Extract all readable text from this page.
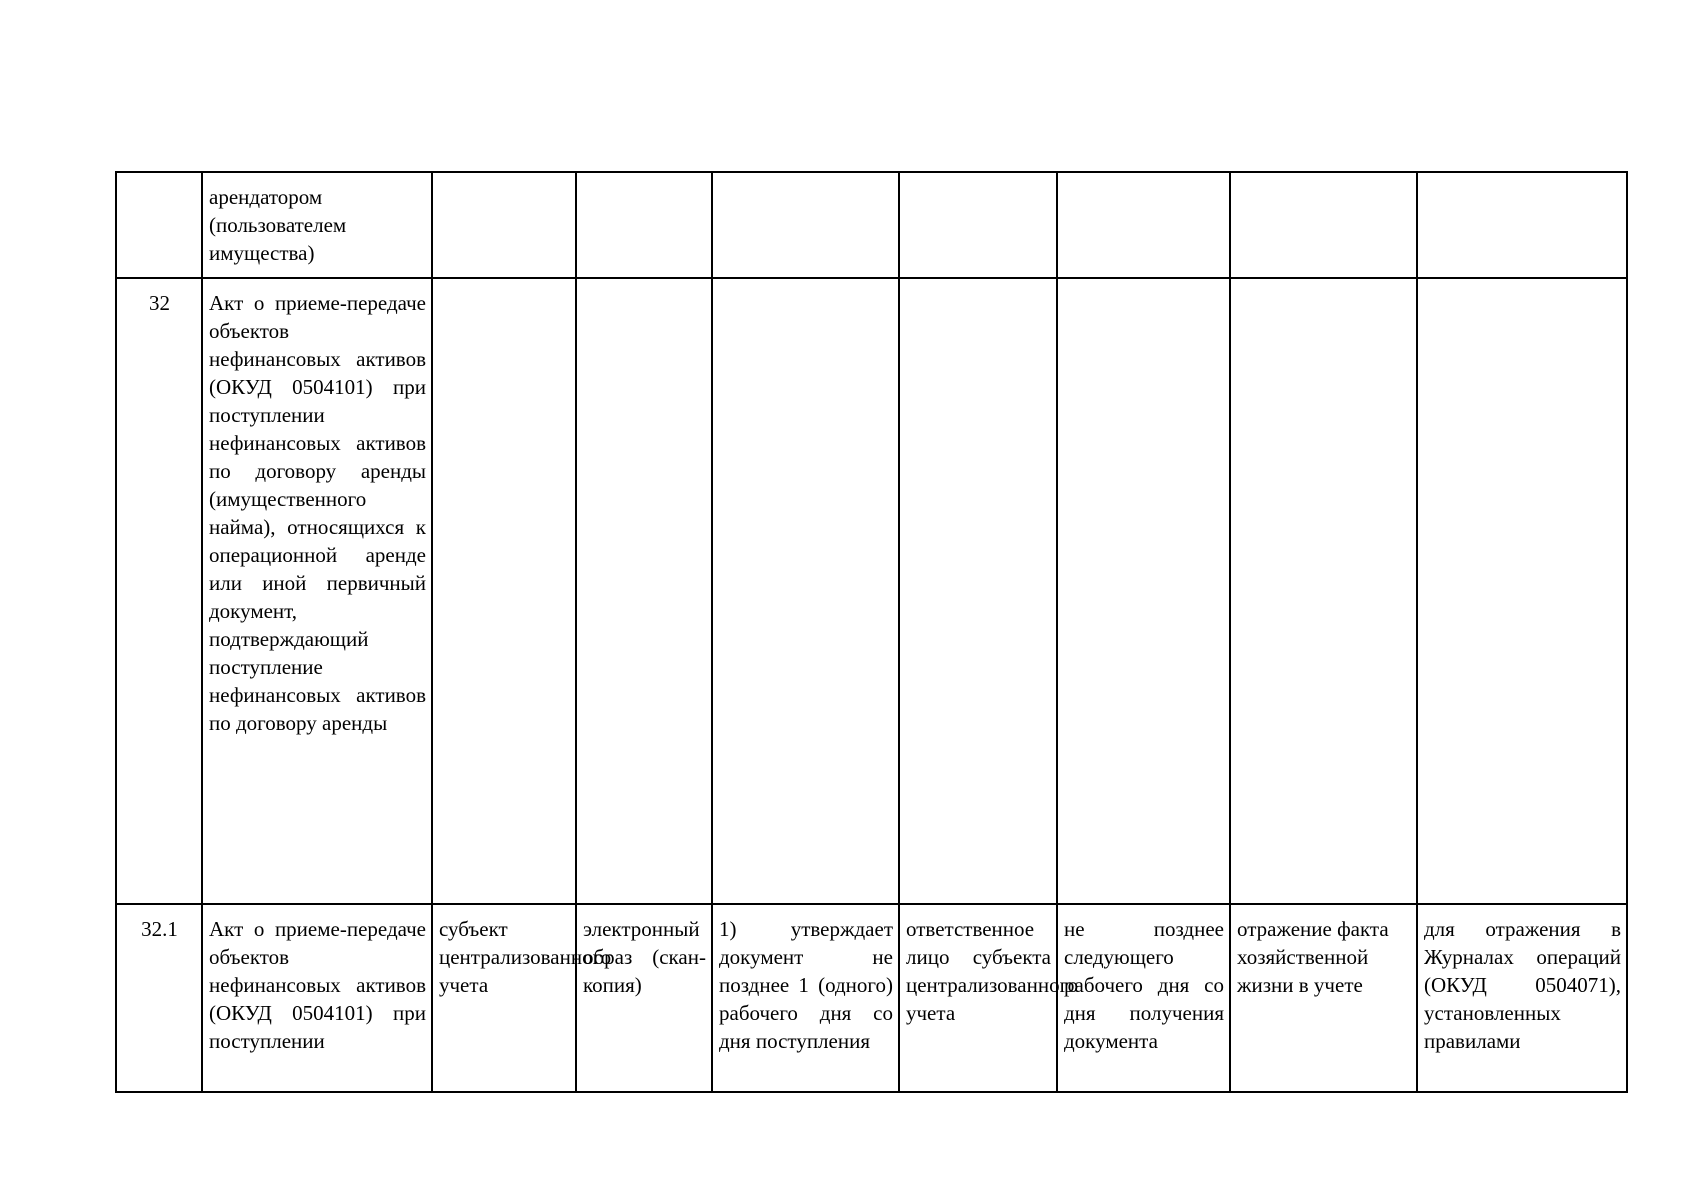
	арендатором (пользователем имущества)							
32	Акт о приеме-передаче объектов нефинансовых активов (ОКУД 0504101) при поступлении нефинансовых активов по договору аренды (имущественного найма), относящихся к операционной аренде или иной первичный документ, подтверждающий поступление нефинансовых активов по договору аренды							
32.1	Акт о приеме-передаче объектов нефинансовых активов (ОКУД 0504101) при поступлении	субъект централизованного учета	электронный образ (скан-копия)	1) утверждает документ не позднее 1 (одного) рабочего дня со дня поступления	ответственное лицо субъекта централизованного учета	не позднее следующего рабочего дня со дня получения документа	отражение факта хозяйственной жизни в учете	для отражения в Журналах операций (ОКУД 0504071), установленных правилами
